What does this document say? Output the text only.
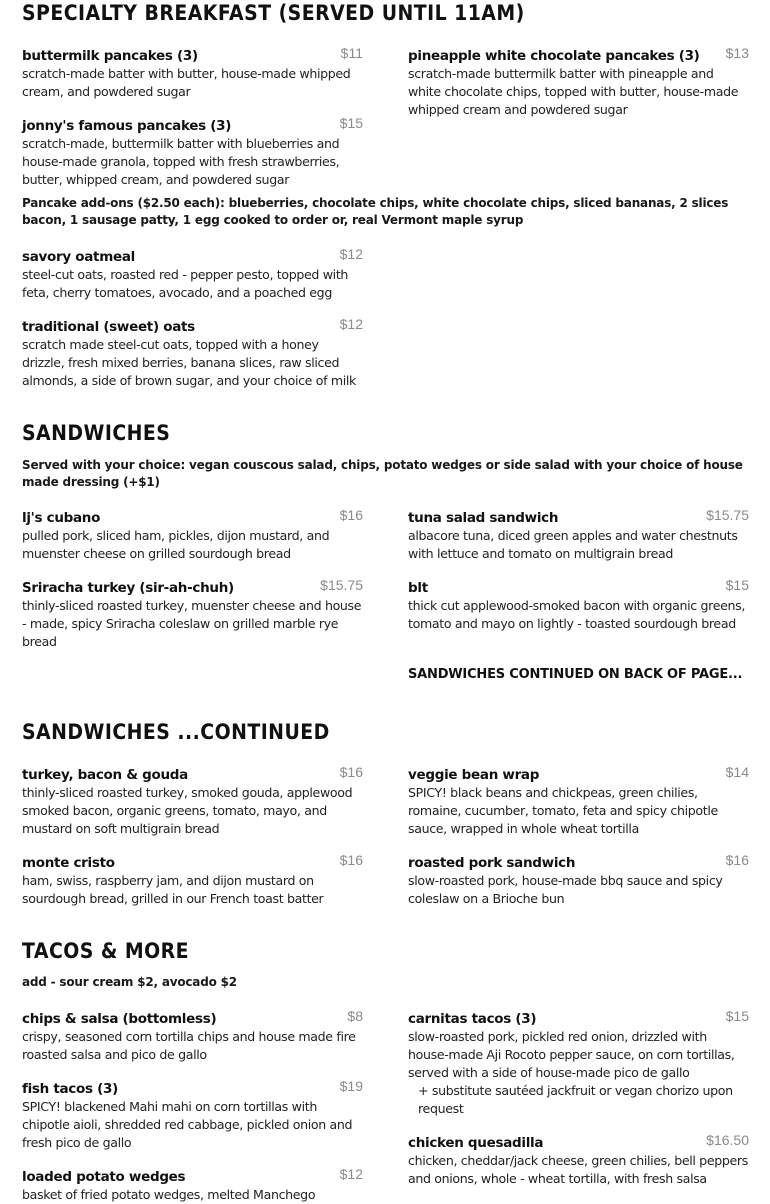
SPECIALTY BREAKFAST (SERVED UNTIL 11AM)
buttermilk pancakes (3)	$11
scratch-made batter with butter, house-made whipped cream, and powdered sugar
pineapple white chocolate pancakes (3)	$13
scratch-made buttermilk batter with pineapple and white chocolate chips, topped with butter, house-made whipped cream and powdered sugar
jonny's famous pancakes (3)	$15
scratch-made, buttermilk batter with blueberries and house-made granola, topped with fresh strawberries, butter, whipped cream, and powdered sugar

Pancake add-ons ($2.50 each): blueberries, chocolate chips, white chocolate chips, sliced bananas, 2 slices bacon, 1 sausage patty, 1 egg cooked to order or, real Vermont maple syrup

savory oatmeal	$12
steel-cut oats, roasted red - pepper pesto, topped with feta, cherry tomatoes, avocado, and a poached egg
traditional (sweet) oats	$12
scratch made steel-cut oats, topped with a honey drizzle, fresh mixed berries, banana slices, raw sliced almonds, a side of brown sugar, and your choice of milk
SANDWICHES

Served with your choice: vegan couscous salad, chips, potato wedges or side salad with your choice of house made dressing (+$1)

lj's cubano	$16
pulled pork, sliced ham, pickles, dijon mustard, and muenster cheese on grilled sourdough bread
tuna salad sandwich	$15.75
albacore tuna, diced green apples and water chestnuts with lettuce and tomato on multigrain bread
Sriracha turkey (sir-ah-chuh)	$15.75
thinly-sliced roasted turkey, muenster cheese and house - made, spicy Sriracha coleslaw on grilled marble rye bread
blt	$15
thick cut applewood-smoked bacon with organic greens, tomato and mayo on lightly - toasted sourdough bread
SANDWICHES CONTINUED ON BACK OF PAGE...
SANDWICHES ...CONTINUED
turkey, bacon & gouda	$16
thinly-sliced roasted turkey, smoked gouda, applewood smoked bacon, organic greens, tomato, mayo, and mustard on soft multigrain bread
veggie bean wrap	$14
SPICY! black beans and chickpeas, green chilies, romaine, cucumber, tomato, feta and spicy chipotle sauce, wrapped in whole wheat tortilla
monte cristo	$16
ham, swiss, raspberry jam, and dijon mustard on sourdough bread, grilled in our French toast batter
roasted pork sandwich	$16
slow-roasted pork, house-made bbq sauce and spicy coleslaw on a Brioche bun
TACOS & MORE

add - sour cream $2, avocado $2

chips & salsa (bottomless)	$8
crispy, seasoned corn tortilla chips and house made fire roasted salsa and pico de gallo
carnitas tacos (3)	$15
slow-roasted pork, pickled red onion, drizzled with house-made Aji Rocoto pepper sauce, on corn tortillas, served with a side of house-made pico de gallo
+ substitute sautéed jackfruit or vegan chorizo upon request
fish tacos (3)	$19
SPICY! blackened Mahi mahi on corn tortillas with chipotle aioli, shredded red cabbage, pickled onion and fresh pico de gallo	chicken quesadilla	$16.50
chicken, cheddar/jack cheese, green chilies, bell peppers and onions, whole - wheat tortilla, with fresh salsa
loaded potato wedges	$12
basket of fried potato wedges, melted Manchego
